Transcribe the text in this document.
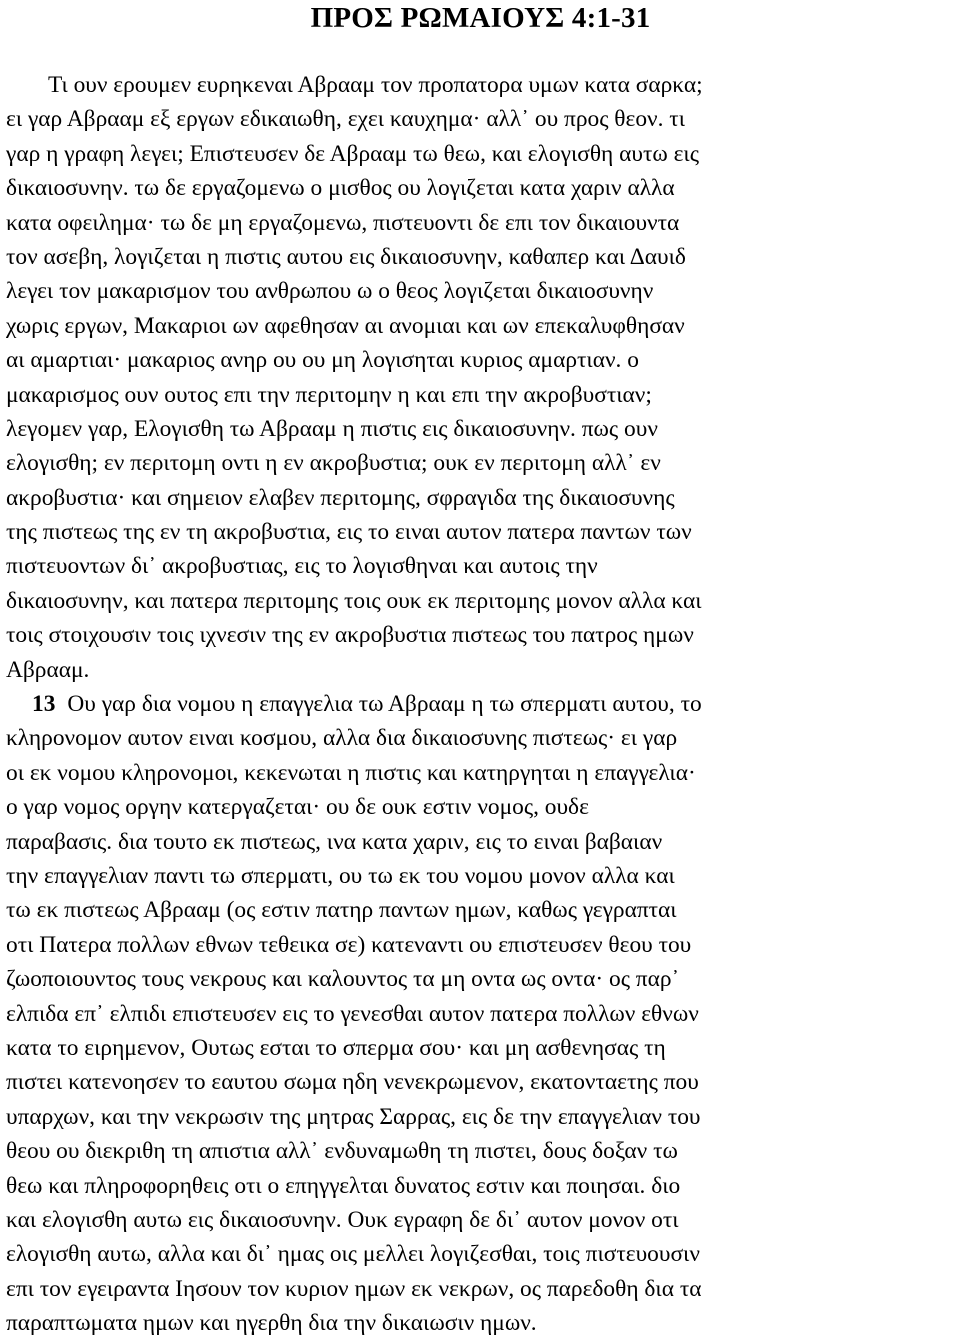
ΠΡΟΣ ΡΩΜΑΙΟΥΣ 4:1-31
Τι ουν ερουμεν ευρηκεναι Αβρααμ τον προπατορα υμων κατα σαρκα;
ει γαρ Αβρααμ εξ εργων εδικαιωθη, εχει καυχημα· αλλ᾽ ου προς θεον. τι
γαρ η γραφη λεγει; Επιστευσεν δε Αβρααμ τω θεω, και ελογισθη αυτω εις
δικαιοσυνην. τω δε εργαζομενω ο μισθος ου λογιζεται κατα χαριν αλλα
κατα οφειλημα· τω δε μη εργαζομενω, πιστευοντι δε επι τον δικαιουντα
τον ασεβη, λογιζεται η πιστις αυτου εις δικαιοσυνην, καθαπερ και Δαυιδ
λεγει τον μακαρισμον του ανθρωπου ω ο θεος λογιζεται δικαιοσυνην
χωρις εργων, Μακαριοι ων αφεθησαν αι ανομιαι και ων επεκαλυφθησαν
αι αμαρτιαι· μακαριος ανηρ ου ου μη λογισηται κυριος αμαρτιαν. ο
μακαρισμος ουν ουτος επι την περιτομην η και επι την ακροβυστιαν;
λεγομεν γαρ, Ελογισθη τω Αβρααμ η πιστις εις δικαιοσυνην. πως ουν
ελογισθη; εν περιτομη οντι η εν ακροβυστια; ουκ εν περιτομη αλλ᾽ εν
ακροβυστια· και σημειον ελαβεν περιτομης, σφραγιδα της δικαιοσυνης
της πιστεως της εν τη ακροβυστια, εις το ειναι αυτον πατερα παντων των
πιστευοντων δι᾽ ακροβυστιας, εις το λογισθηναι και αυτοις την
δικαιοσυνην, και πατερα περιτομης τοις ουκ εκ περιτομης μονον αλλα και
τοις στοιχουσιν τοις ιχνεσιν της εν ακροβυστια πιστεως του πατρος ημων
Αβρααμ.
13 Ου γαρ δια νομου η επαγγελια τω Αβρααμ η τω σπερματι αυτου, το
κληρονομον αυτον ειναι κοσμου, αλλα δια δικαιοσυνης πιστεως· ει γαρ
οι εκ νομου κληρονομοι, κεκενωται η πιστις και κατηργηται η επαγγελια·
ο γαρ νομος οργην κατεργαζεται· ου δε ουκ εστιν νομος, ουδε
παραβασις. δια τουτο εκ πιστεως, ινα κατα χαριν, εις το ειναι βαβαιαν
την επαγγελιαν παντι τω σπερματι, ου τω εκ του νομου μονον αλλα και
τω εκ πιστεως Αβρααμ (ος εστιν πατηρ παντων ημων, καθως γεγραπται
οτι Πατερα πολλων εθνων τεθεικα σε) κατεναντι ου επιστευσεν θεου του
ζωοποιουντος τους νεκρους και καλουντος τα μη οντα ως οντα· ος παρ᾽
ελπιδα επ᾽ ελπιδι επιστευσεν εις το γενεσθαι αυτον πατερα πολλων εθνων
κατα το ειρημενον, Ουτως εσται το σπερμα σου· και μη ασθενησας τη
πιστει κατενοησεν το εαυτου σωμα ηδη νενεκρωμενον, εκατονταετης που
υπαρχων, και την νεκρωσιν της μητρας Σαρρας, εις δε την επαγγελιαν του
θεου ου διεκριθη τη απιστια αλλ᾽ ενδυναμωθη τη πιστει, δους δοξαν τω
θεω και πληροφορηθεις οτι ο επηγγελται δυνατος εστιν και ποιησαι. διο
και ελογισθη αυτω εις δικαιοσυνην. Ουκ εγραφη δε δι᾽ αυτον μονον οτι
ελογισθη αυτω, αλλα και δι᾽ ημας οις μελλει λογιζεσθαι, τοις πιστευουσιν
επι τον εγειραντα Ιησουν τον κυριον ημων εκ νεκρων, ος παρεδοθη δια τα
παραπτωματα ημων και ηγερθη δια την δικαιωσιν ημων.
